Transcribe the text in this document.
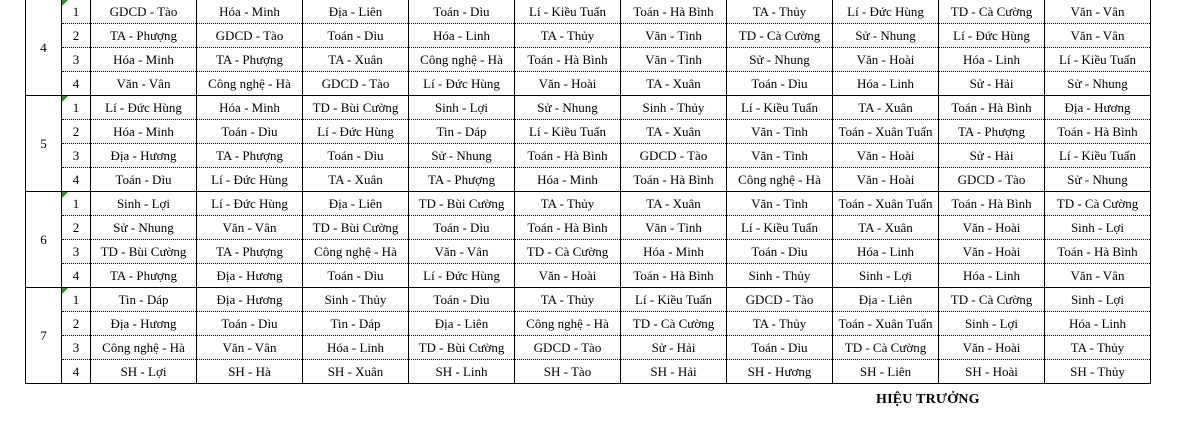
4	1	GDCD - Tào	Hóa - Minh	Địa - Liên	Toán - Dìu	Lí - Kiều Tuấn	Toán - Hà Bình	TA - Thủy	Lí - Đức Hùng	TD - Cà Cường	Văn - Vân
	2	TA - Phượng	GDCD - Tào	Toán - Dìu	Hóa - Linh	TA - Thủy	Văn - Tình	TD - Cà Cường	Sử - Nhung	Lí - Đức Hùng	Văn - Vân
	3	Hóa - Minh	TA - Phượng	TA - Xuân	Công nghệ - Hà	Toán - Hà Bình	Văn - Tình	Sử - Nhung	Văn - Hoài	Hóa - Linh	Lí - Kiều Tuấn
	4	Văn - Vân	Công nghệ - Hà	GDCD - Tào	Lí - Đức Hùng	Văn - Hoài	TA - Xuân	Toán - Dìu	Hóa - Linh	Sử - Hải	Sử - Nhung
5	1	Lí - Đức Hùng	Hóa - Minh	TD - Bùi Cường	Sinh - Lợi	Sử - Nhung	Sinh - Thủy	Lí - Kiều Tuấn	TA - Xuân	Toán - Hà Bình	Địa - Hương
	2	Hóa - Minh	Toán - Dìu	Lí - Đức Hùng	Tin - Dáp	Lí - Kiều Tuấn	TA - Xuân	Văn - Tình	Toán - Xuân Tuấn	TA - Phượng	Toán - Hà Bình
	3	Địa - Hương	TA - Phượng	Toán - Dìu	Sử - Nhung	Toán - Hà Bình	GDCD - Tào	Văn - Tình	Văn - Hoài	Sử - Hải	Lí - Kiều Tuấn
	4	Toán - Dìu	Lí - Đức Hùng	TA - Xuân	TA - Phượng	Hóa - Minh	Toán - Hà Bình	Công nghệ - Hà	Văn - Hoài	GDCD - Tào	Sử - Nhung
6	1	Sinh - Lợi	Lí - Đức Hùng	Địa - Liên	TD - Bùi Cường	TA - Thủy	TA - Xuân	Văn - Tình	Toán - Xuân Tuấn	Toán - Hà Bình	TD - Cà Cường
	2	Sử - Nhung	Văn - Vân	TD - Bùi Cường	Toán - Dìu	Toán - Hà Bình	Văn - Tình	Lí - Kiều Tuấn	TA - Xuân	Văn - Hoài	Sinh - Lợi
	3	TD - Bùi Cường	TA - Phượng	Công nghệ - Hà	Văn - Vân	TD - Cà Cường	Hóa - Minh	Toán - Dìu	Hóa - Linh	Văn - Hoài	Toán - Hà Bình
	4	TA - Phượng	Địa - Hương	Toán - Dìu	Lí - Đức Hùng	Văn - Hoài	Toán - Hà Bình	Sinh - Thủy	Sinh - Lợi	Hóa - Linh	Văn - Vân
7	1	Tin - Dáp	Địa - Hương	Sinh - Thủy	Toán - Dìu	TA - Thủy	Lí - Kiều Tuấn	GDCD - Tào	Địa - Liên	TD - Cà Cường	Sinh - Lợi
	2	Địa - Hương	Toán - Dìu	Tin - Dáp	Địa - Liên	Công nghệ - Hà	TD - Cà Cường	TA - Thủy	Toán - Xuân Tuấn	Sinh - Lợi	Hóa - Linh
	3	Công nghệ - Hà	Văn - Vân	Hóa - Linh	TD - Bùi Cường	GDCD - Tào	Sử - Hải	Toán - Dìu	TD - Cà Cường	Văn - Hoài	TA - Thủy
	4	SH - Lợi	SH - Hà	SH - Xuân	SH - Linh	SH - Tào	SH - Hải	SH - Hương	SH - Liên	SH - Hoài	SH - Thủy
HIỆU TRƯỞNG
